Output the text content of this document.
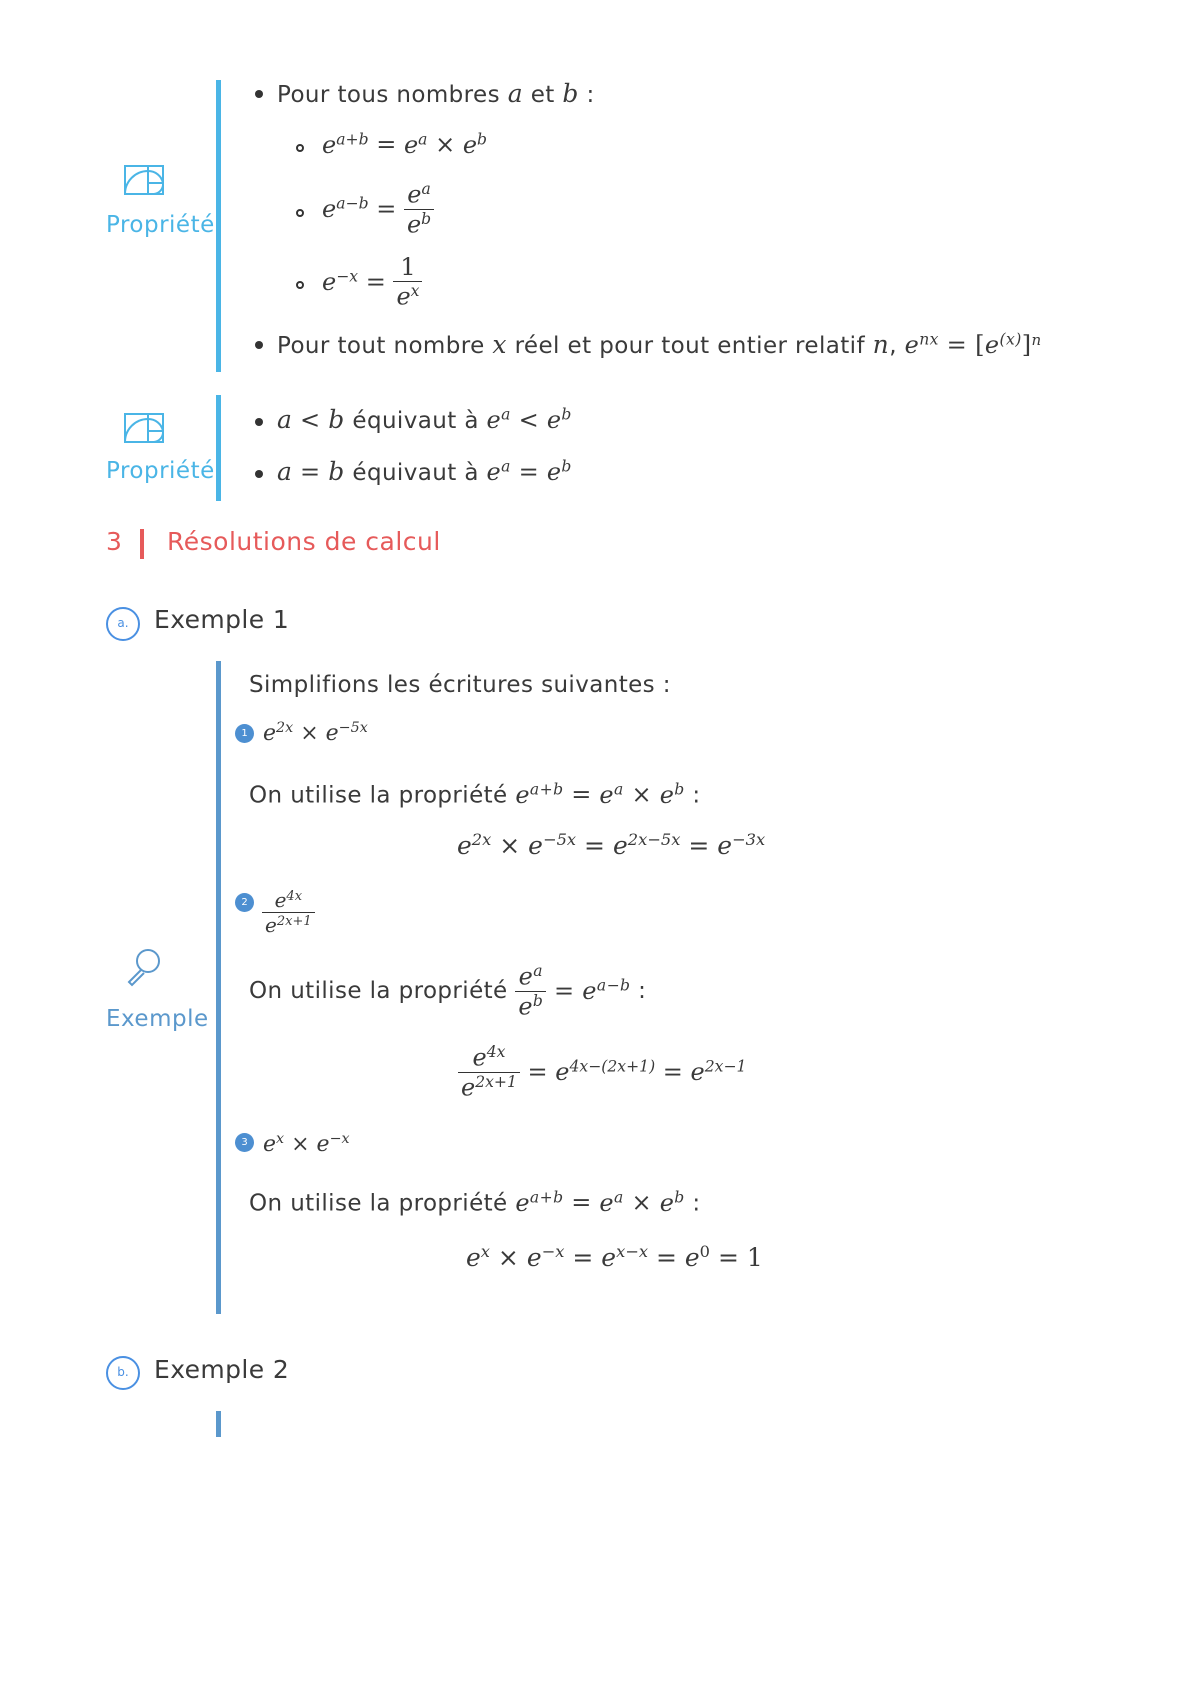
Propriété
Pour tous nombres a et b :
$e^{a+b} = e^a \times e^b$
$e^{a-b} = \frac{e^a}{e^b}$
$e^{-x} = \frac{1}{e^x}$
Pour tout nombre x réel et pour tout entier relatif n, $e^{nx} = [e^{(x)}]^n$
Propriété
a < b équivaut à $e^a < e^b$
a = b équivaut à $e^a = e^b$
3 Résolutions de calcul
a.	Exemple 1
Exemple
Simplifions les écritures suivantes :
1 $e^{2x} \times e^{-5x}$
On utilise la propriété $e^{a+b} = e^a \times e^b$ :
$e^{2x} \times e^{-5x} = e^{2x-5x} = e^{-3x}$
$2 \frac{e^{4x}}{e^{2x+1}}$
On utilise la propriété $\frac{e^a}{e^b} = e^{a-b}$ :
$\frac{e^{4x}}{e^{2x+1}} = e^{4x-(2x+1)} = e^{2x-1}$
3 $e^x \times e^{-x}$
On utilise la propriété $e^{a+b} = e^a \times e^b$ :
$e^x \times e^{-x} = e^{x-x} = e^0 = 1$
b.	Exemple 2
